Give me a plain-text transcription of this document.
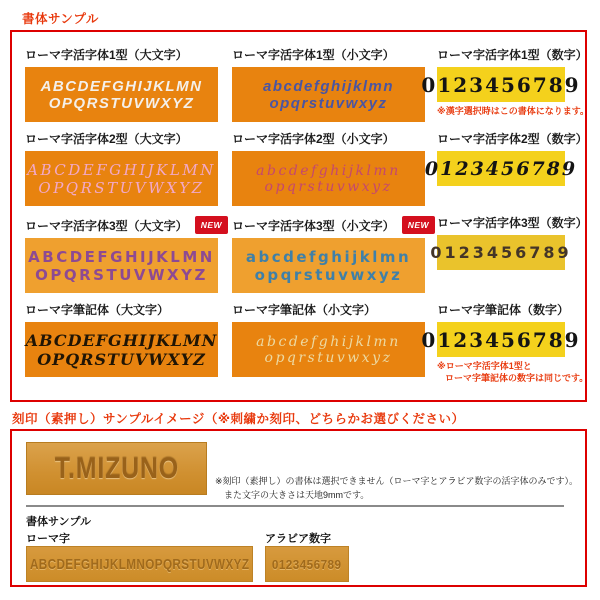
書体サンプル
ローマ字活字体1型（大文字）
ABCDEFGHIJKLMN
OPQRSTUVWXYZ
ローマ字活字体1型（小文字）
abcdefghijklmn
opqrstuvwxyz
ローマ字活字体1型（数字）
0123456789
※漢字選択時はこの書体になります。
ローマ字活字体2型（大文字）
ABCDEFGHIJKLMN
OPQRSTUVWXYZ
ローマ字活字体2型（小文字）
abcdefghijklmn
opqrstuvwxyz
ローマ字活字体2型（数字）
0123456789
ローマ字活字体3型（大文字） NEW
ABCDEFGHIJKLMN
OPQRSTUVWXYZ
ローマ字活字体3型（小文字） NEW
abcdefghijklmn
opqrstuvwxyz
ローマ字活字体3型（数字）
0123456789
ローマ字筆記体（大文字）
ABCDEFGHIJKLMN
OPQRSTUVWXYZ
ローマ字筆記体（小文字）
abcdefghijklmn
opqrstuvwxyz
ローマ字筆記体（数字）
0123456789
※ローマ字活字体1型と
ローマ字筆記体の数字は同じです。
刻印（素押し）サンプルイメージ（※刺繍か刻印、どちらかお選びください）
T.MIZUNO	※刻印（素押し）の書体は選択できません（ローマ字とアラビア数字の活字体のみです）。
また文字の大きさは天地9mmです。
書体サンプル
ローマ字	アラビア数字
ABCDEFGHIJKLMNOPQRSTUVWXYZ 0123456789
